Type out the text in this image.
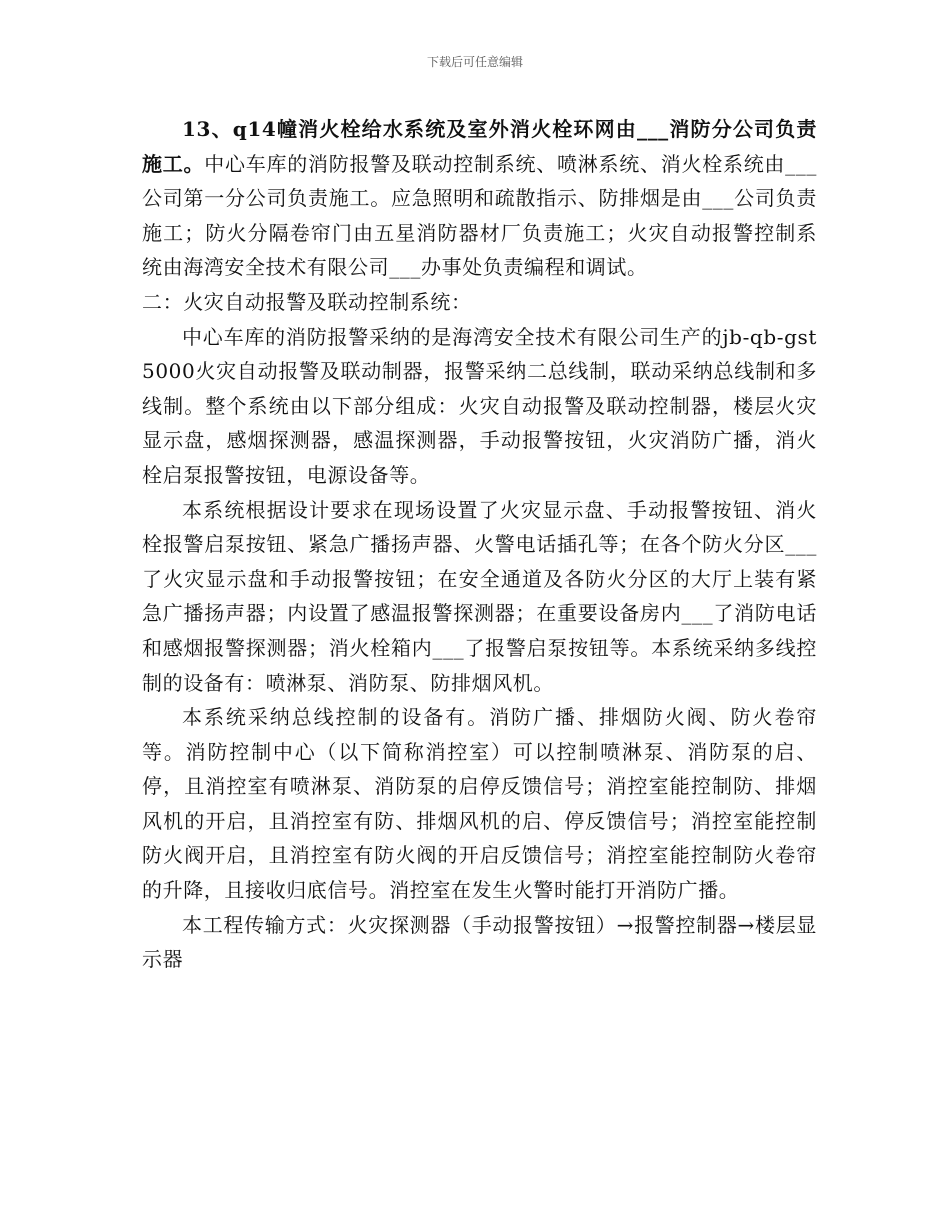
下载后可任意编辑

13、q14幢消火栓给水系统及室外消火栓环网由___消防分公司负责施工。中心车库的消防报警及联动控制系统、喷淋系统、消火栓系统由___公司第一分公司负责施工。应急照明和疏散指示、防排烟是由___公司负责施工；防火分隔卷帘门由五星消防器材厂负责施工；火灾自动报警控制系统由海湾安全技术有限公司___办事处负责编程和调试。

二：火灾自动报警及联动控制系统：

中心车库的消防报警采纳的是海湾安全技术有限公司生产的jb-qb-gst5000火灾自动报警及联动制器，报警采纳二总线制，联动采纳总线制和多线制。整个系统由以下部分组成：火灾自动报警及联动控制器，楼层火灾显示盘，感烟探测器，感温探测器，手动报警按钮，火灾消防广播，消火栓启泵报警按钮，电源设备等。

本系统根据设计要求在现场设置了火灾显示盘、手动报警按钮、消火栓报警启泵按钮、紧急广播扬声器、火警电话插孔等；在各个防火分区___了火灾显示盘和手动报警按钮；在安全通道及各防火分区的大厅上装有紧急广播扬声器；内设置了感温报警探测器；在重要设备房内___了消防电话和感烟报警探测器；消火栓箱内___了报警启泵按钮等。本系统采纳多线控制的设备有：喷淋泵、消防泵、防排烟风机。

本系统采纳总线控制的设备有。消防广播、排烟防火阀、防火卷帘等。消防控制中心（以下简称消控室）可以控制喷淋泵、消防泵的启、停，且消控室有喷淋泵、消防泵的启停反馈信号；消控室能控制防、排烟风机的开启，且消控室有防、排烟风机的启、停反馈信号；消控室能控制防火阀开启，且消控室有防火阀的开启反馈信号；消控室能控制防火卷帘的升降，且接收归底信号。消控室在发生火警时能打开消防广播。

本工程传输方式：火灾探测器（手动报警按钮）→报警控制器→楼层显示器
